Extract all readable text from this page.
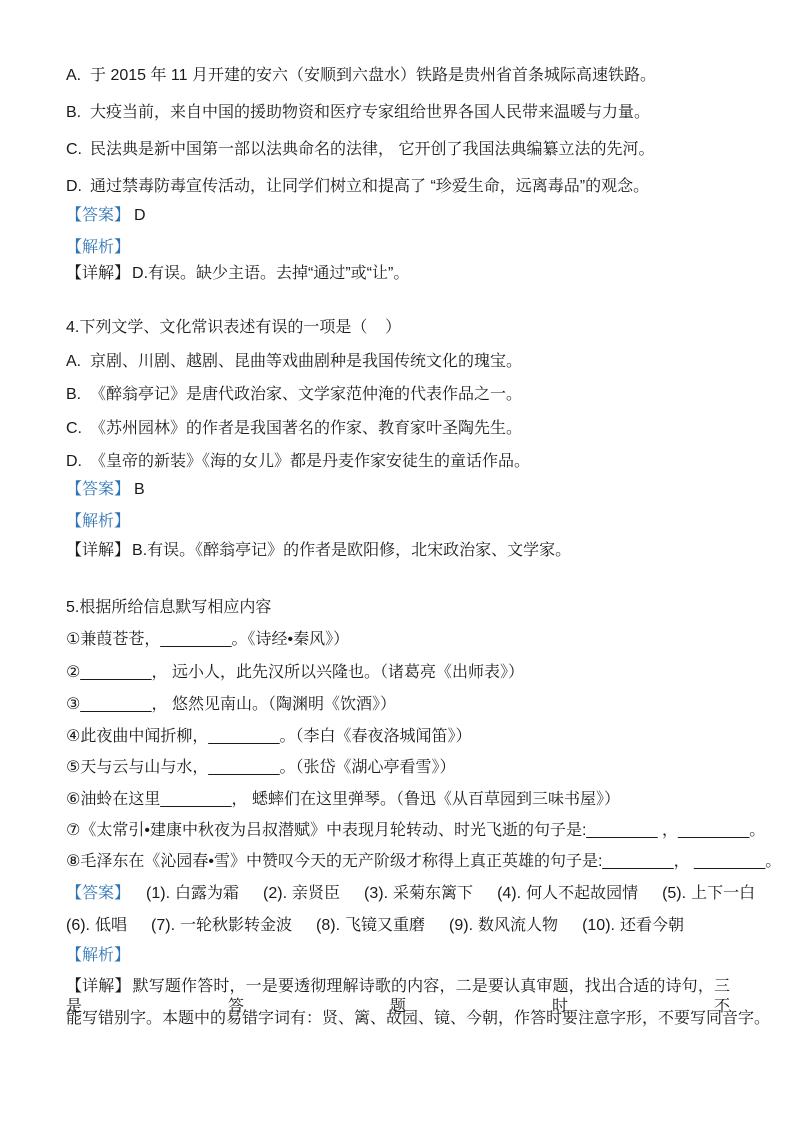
A. 于 2015 年 11 月开建的安六（安顺到六盘水）铁路是贵州省首条城际高速铁路。
B. 大疫当前，来自中国的援助物资和医疗专家组给世界各国人民带来温暖与力量。
C. 民法典是新中国第一部以法典命名的法律， 它开创了我国法典编纂立法的先河。
D. 通过禁毒防毒宣传活动，让同学们树立和提高了 “珍爱生命，远离毒品”的观念。
【答案】 D
【解析】
【详解】 D.有误。缺少主语。去掉“通过”或“让”。
4.下列文学、文化常识表述有误的一项是（    ）
A. 京剧、川剧、越剧、昆曲等戏曲剧种是我国传统文化的瑰宝。
B. 《醉翁亭记》是唐代政治家、文学家范仲淹的代表作品之一。
C. 《苏州园林》的作者是我国著名的作家、教育家叶圣陶先生。
D. 《皇帝的新装》《海的女儿》都是丹麦作家安徒生的童话作品。
【答案】 B
【解析】
【详解】 B.有误。《醉翁亭记》的作者是欧阳修，北宋政治家、文学家。
5.根据所给信息默写相应内容
①兼葭苍苍，________。《诗经•秦风》）
②________， 远小人，此先汉所以兴隆也。（诸葛亮《出师表》）
③________， 悠然见南山。（陶渊明《饮酒》）
④此夜曲中闻折柳，________。（李白《春夜洛城闻笛》）
⑤天与云与山与水，________。（张岱《湖心亭看雪》）
⑥油蛉在这里________， 蟋蟀们在这里弹琴。（鲁迅《从百草园到三味书屋》）
⑦《太常引•建康中秋夜为吕叔潜赋》中表现月轮转动、时光飞逝的句子是:________ ，________。
⑧毛泽东在《沁园春•雪》中赞叹今天的无产阶级才称得上真正英雄的句子是:________， ________。
【答案】 (1). 白露为霜 (2). 亲贤臣 (3). 采菊东篱下 (4). 何人不起故园情 (5). 上下一白
(6). 低唱 (7). 一轮秋影转金波 (8). 飞镜又重磨 (9). 数风流人物 (10). 还看今朝
【解析】
【详解】 默写题作答时，一是要透彻理解诗歌的内容，二是要认真审题，找出合适的诗句，三是答题时不
能写错别字。本题中的易错字词有：贤、篱、故园、镜、今朝，作答时要注意字形，不要写同音字。
